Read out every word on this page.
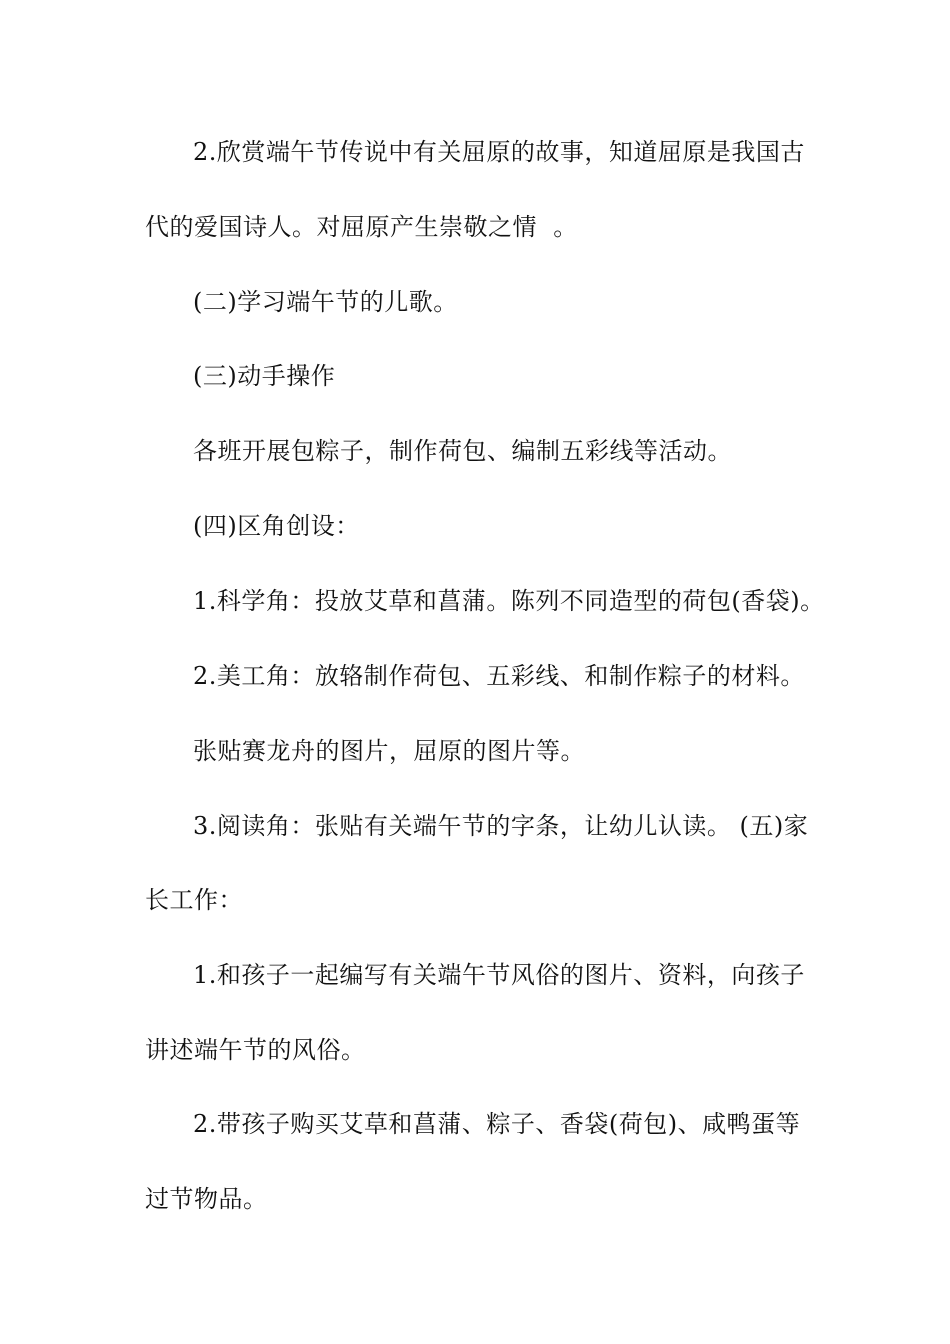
2.欣赏端午节传说中有关屈原的故事，知道屈原是我国古
代的爱国诗人。对屈原产生崇敬之情  。
(二)学习端午节的儿歌。
(三)动手操作
各班开展包粽子，制作荷包、编制五彩线等活动。
(四)区角创设：
1.科学角：投放艾草和菖蒲。陈列不同造型的荷包(香袋)。
2.美工角：放辂制作荷包、五彩线、和制作粽子的材料。
张贴赛龙舟的图片，屈原的图片等。
3.阅读角：张贴有关端午节的字条，让幼儿认读。 (五)家
长工作：
1.和孩子一起编写有关端午节风俗的图片、资料，向孩子
讲述端午节的风俗。
2.带孩子购买艾草和菖蒲、粽子、香袋(荷包)、咸鸭蛋等
过节物品。
